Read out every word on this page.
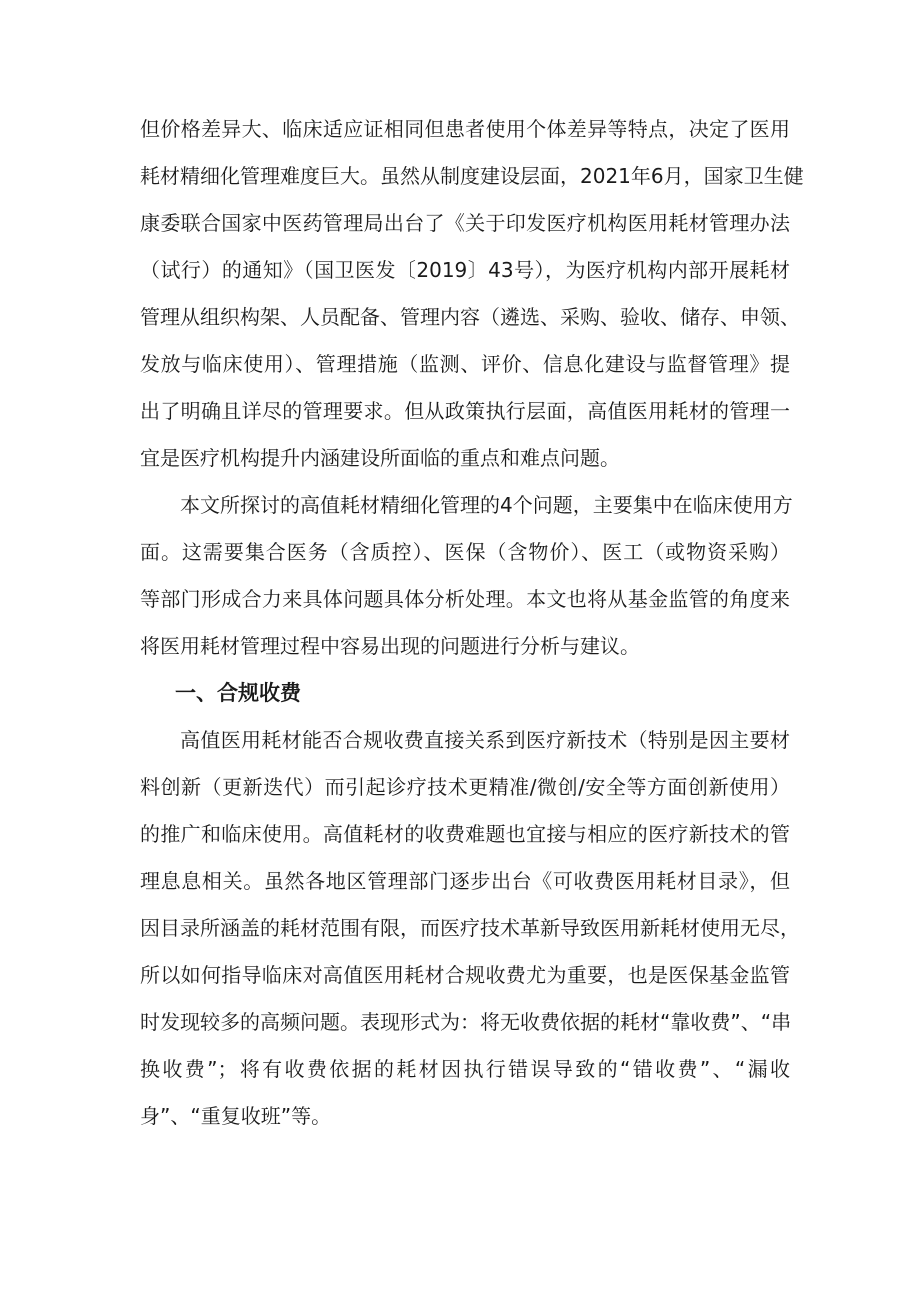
但价格差异大、临床适应证相同但患者使用个体差异等特点，决定了医用
耗材精细化管理难度巨大。虽然从制度建设层面，2021年6月，国家卫生健
康委联合国家中医药管理局出台了《关于印发医疗机构医用耗材管理办法
（试行）的通知》（国卫医发〔2019〕43号），为医疗机构内部开展耗材
管理从组织构架、人员配备、管理内容（遴选、采购、验收、储存、申领、
发放与临床使用）、管理措施（监测、评价、信息化建设与监督管理》提
出了明确且详尽的管理要求。但从政策执行层面，高值医用耗材的管理一
宜是医疗机构提升内涵建设所面临的重点和难点问题。
本文所探讨的高值耗材精细化管理的4个问题，主要集中在临床使用方
面。这需要集合医务（含质控）、医保（含物价）、医工（或物资采购）
等部门形成合力来具体问题具体分析处理。本文也将从基金监管的角度来
将医用耗材管理过程中容易出现的问题进行分析与建议。
一、合规收费
高值医用耗材能否合规收费直接关系到医疗新技术（特别是因主要材
料创新（更新迭代）而引起诊疗技术更精准/微创/安全等方面创新使用）
的推广和临床使用。高值耗材的收费难题也宜接与相应的医疗新技术的管
理息息相关。虽然各地区管理部门逐步出台《可收费医用耗材目录》，但
因目录所涵盖的耗材范围有限，而医疗技术革新导致医用新耗材使用无尽，
所以如何指导临床对高值医用耗材合规收费尤为重要，也是医保基金监管
时发现较多的高频问题。表现形式为：将无收费依据的耗材“靠收费”、“串
换收费”；将有收费依据的耗材因执行错误导致的“错收费”、“漏收
身”、“重复收班”等。
